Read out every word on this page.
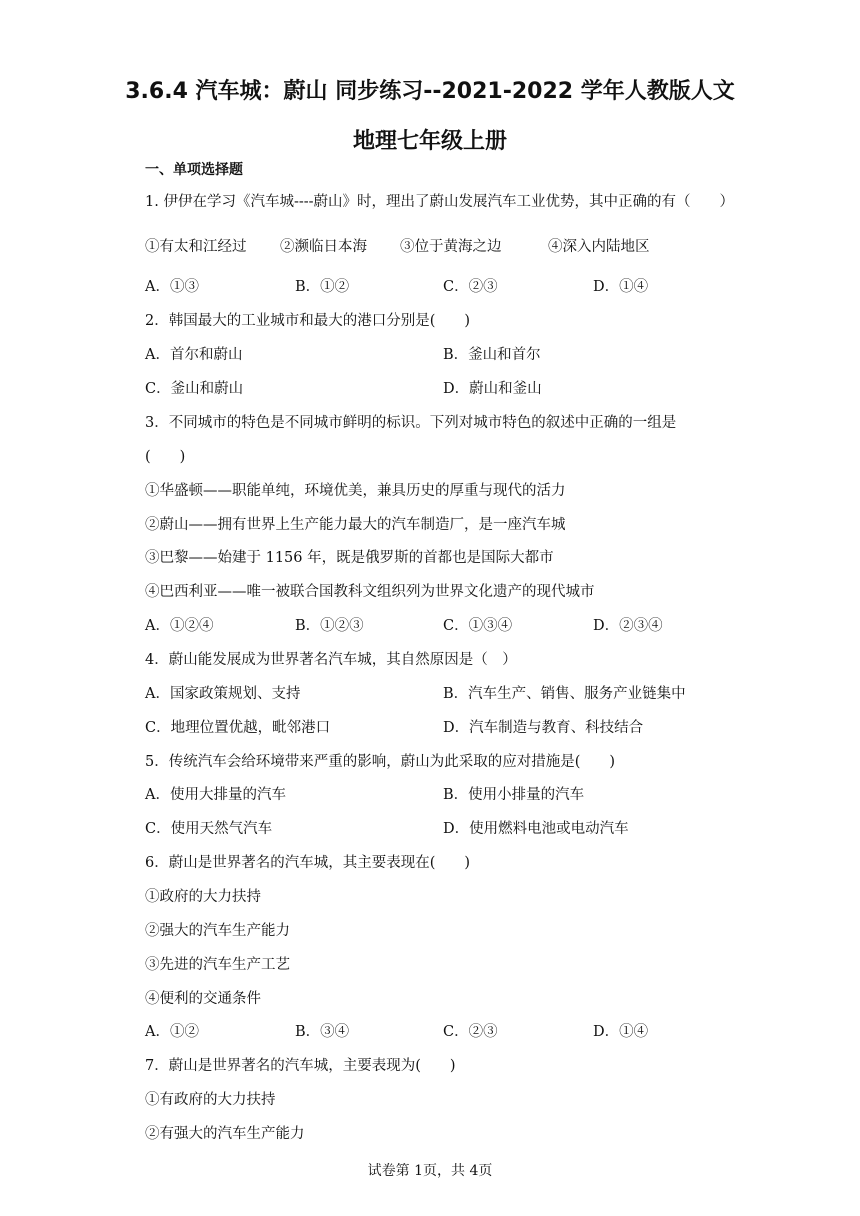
3.6.4 汽车城：蔚山 同步练习--2021-2022 学年人教版人文
地理七年级上册
一、单项选择题
1. 伊伊在学习《汽车城----蔚山》时，理出了蔚山发展汽车工业优势，其中正确的有（　　）
①有太和江经过 ②濒临日本海 ③位于黄海之边	④深入内陆地区
A．①③	B．①②	C．②③	D．①④
2．韩国最大的工业城市和最大的港口分别是(　　)
A．首尔和蔚山	B．釜山和首尔
C．釜山和蔚山	D．蔚山和釜山
3．不同城市的特色是不同城市鲜明的标识。下列对城市特色的叙述中正确的一组是
(　　)
①华盛顿——职能单纯，环境优美，兼具历史的厚重与现代的活力
②蔚山——拥有世界上生产能力最大的汽车制造厂，是一座汽车城
③巴黎——始建于 1156 年，既是俄罗斯的首都也是国际大都市
④巴西利亚——唯一被联合国教科文组织列为世界文化遗产的现代城市
A．①②④	B．①②③	C．①③④	D．②③④
4．蔚山能发展成为世界著名汽车城，其自然原因是（　）
A．国家政策规划、支持	B．汽车生产、销售、服务产业链集中
C．地理位置优越，毗邻港口	D．汽车制造与教育、科技结合
5．传统汽车会给环境带来严重的影响，蔚山为此采取的应对措施是(　　)
A．使用大排量的汽车	B．使用小排量的汽车
C．使用天然气汽车	D．使用燃料电池或电动汽车
6．蔚山是世界著名的汽车城，其主要表现在(　　)
①政府的大力扶持
②强大的汽车生产能力
③先进的汽车生产工艺
④便利的交通条件
A．①②	B．③④	C．②③	D．①④
7．蔚山是世界著名的汽车城，主要表现为(　　)
①有政府的大力扶持
②有强大的汽车生产能力
试卷第 1页，共 4页
